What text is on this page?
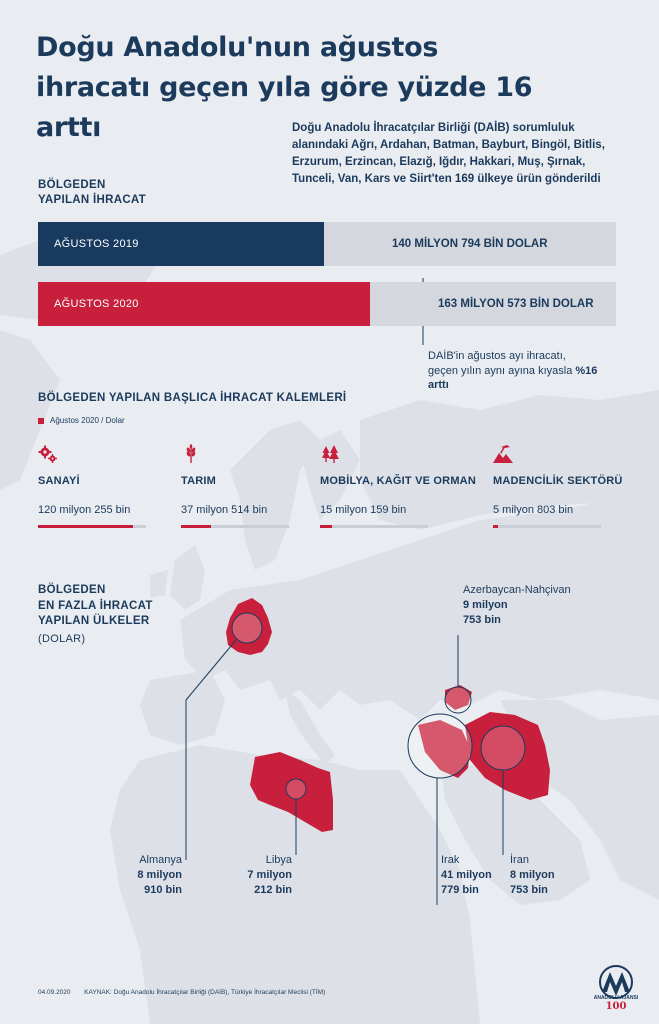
Doğu Anadolu'nun ağustos ihracatı geçen yıla göre yüzde 16 arttı	Doğu Anadolu İhracatçılar Birliği (DAİB) sorumluluk alanındaki Ağrı, Ardahan, Batman, Bayburt, Bingöl, Bitlis, Erzurum, Erzincan, Elazığ, Iğdır, Hakkari, Muş, Şırnak, Tunceli, Van, Kars ve Siirt'ten 169 ülkeye ürün gönderildi
BÖLGEDEN
YAPILAN İHRACAT
AĞUSTOS 2019	140 MİLYON 794 BİN DOLAR
AĞUSTOS 2020	163 MİLYON 573 BİN DOLAR
DAİB'in ağustos ayı ihracatı, geçen yılın aynı ayına kıyasla %16 arttı
BÖLGEDEN YAPILAN BAŞLICA İHRACAT KALEMLERİ
Ağustos 2020 / Dolar
SANAYİ
120 milyon 255 bin
TARIM
37 milyon 514 bin
MOBİLYA, KAĞIT VE ORMAN
15 milyon 159 bin
MADENCİLİK SEKTÖRÜ
5 milyon 803 bin
BÖLGEDEN
EN FAZLA İHRACAT
YAPILAN ÜLKELER
(DOLAR)
Almanya
8 milyon
910 bin
Libya
7 milyon
212 bin
Irak
41 milyon
779 bin
İran
8 milyon
753 bin
Azerbaycan-Nahçivan
9 milyon
753 bin
04.09.2020 KAYNAK: Doğu Anadolu İhracatçılar Birliği (DAİB), Türkiye İhracatçılar Meclisi (TİM)
ANADOLU AJANSI
100
